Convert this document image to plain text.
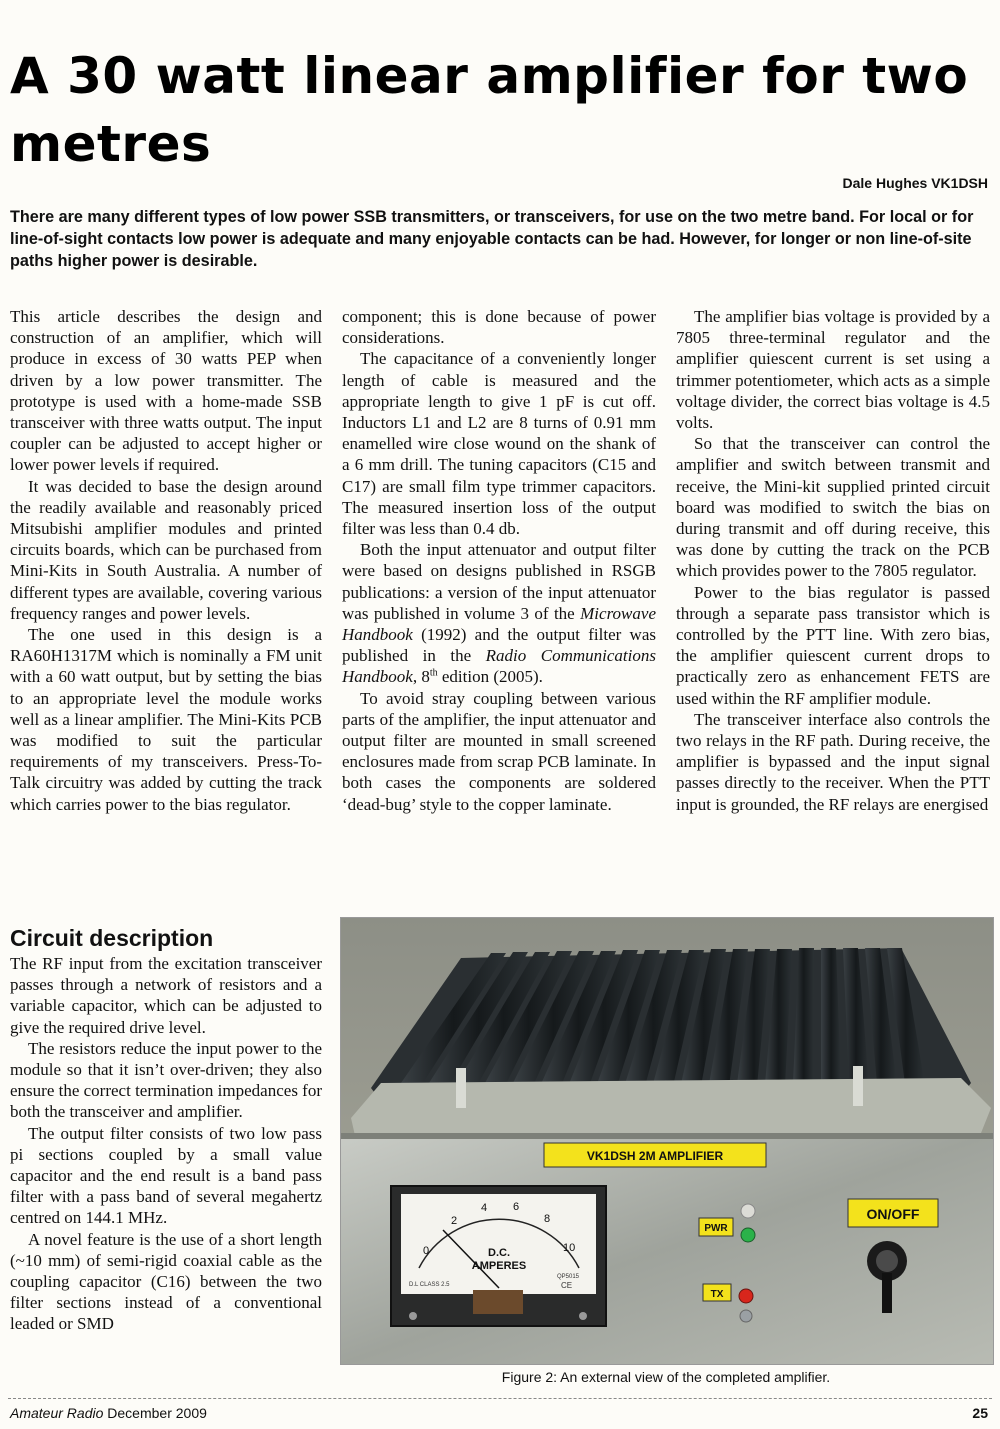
A 30 watt linear amplifier for two metres
Dale Hughes VK1DSH

There are many different types of low power SSB transmitters, or transceivers, for use on the two metre band. For local or for line-of-sight contacts low power is adequate and many enjoyable contacts can be had. However, for longer or non line-of-site paths higher power is desirable.

This article describes the design and construction of an amplifier, which will produce in excess of 30 watts PEP when driven by a low power transmitter. The prototype is used with a home-made SSB transceiver with three watts output. The input coupler can be adjusted to accept higher or lower power levels if required.

It was decided to base the design around the readily available and reasonably priced Mitsubishi amplifier modules and printed circuits boards, which can be purchased from Mini-Kits in South Australia. A number of different types are available, covering various frequency ranges and power levels.

The one used in this design is a RA60H1317M which is nominally a FM unit with a 60 watt output, but by setting the bias to an appropriate level the module works well as a linear amplifier. The Mini-Kits PCB was modified to suit the particular requirements of my transceivers. Press-To-Talk circuitry was added by cutting the track which carries power to the bias regulator.

component; this is done because of power considerations.

The capacitance of a conveniently longer length of cable is measured and the appropriate length to give 1 pF is cut off. Inductors L1 and L2 are 8 turns of 0.91 mm enamelled wire close wound on the shank of a 6 mm drill. The tuning capacitors (C15 and C17) are small film type trimmer capacitors. The measured insertion loss of the output filter was less than 0.4 db.

Both the input attenuator and output filter were based on designs published in RSGB publications: a version of the input attenuator was published in volume 3 of the Microwave Handbook (1992) and the output filter was published in the Radio Communications Handbook, 8th edition (2005).

To avoid stray coupling between various parts of the amplifier, the input attenuator and output filter are mounted in small screened enclosures made from scrap PCB laminate. In both cases the components are soldered ‘dead-bug’ style to the copper laminate.

The amplifier bias voltage is provided by a 7805 three-terminal regulator and the amplifier quiescent current is set using a trimmer potentiometer, which acts as a simple voltage divider, the correct bias voltage is 4.5 volts.

So that the transceiver can control the amplifier and switch between transmit and receive, the Mini-kit supplied printed circuit board was modified to switch the bias on during transmit and off during receive, this was done by cutting the track on the PCB which provides power to the 7805 regulator.

Power to the bias regulator is passed through a separate pass transistor which is controlled by the PTT line. With zero bias, the amplifier quiescent current drops to practically zero as enhancement FETS are used within the RF amplifier module.

The transceiver interface also controls the two relays in the RF path. During receive, the amplifier is bypassed and the input signal passes directly to the receiver. When the PTT input is grounded, the RF relays are energised

Circuit description

The RF input from the excitation transceiver passes through a network of resistors and a variable capacitor, which can be adjusted to give the required drive level.

The resistors reduce the input power to the module so that it isn’t over-driven; they also ensure the correct termination impedances for both the transceiver and amplifier.

The output filter consists of two low pass pi sections coupled by a small value capacitor and the end result is a band pass filter with a pass band of several megahertz centred on 144.1 MHz.

A novel feature is the use of a short length (~10 mm) of semi-rigid coaxial cable as the coupling capacitor (C16) between the two filter sections instead of a conventional leaded or SMD

VK1DSH 2M AMPLIFIER
0
2
4 6
8
10
D.C.
AMPERES
D.L CLASS 2.5
QP5015
CE
PWR
TX
ON/OFF
Figure 2: An external view of the completed amplifier.
Amateur Radio December 2009	25
